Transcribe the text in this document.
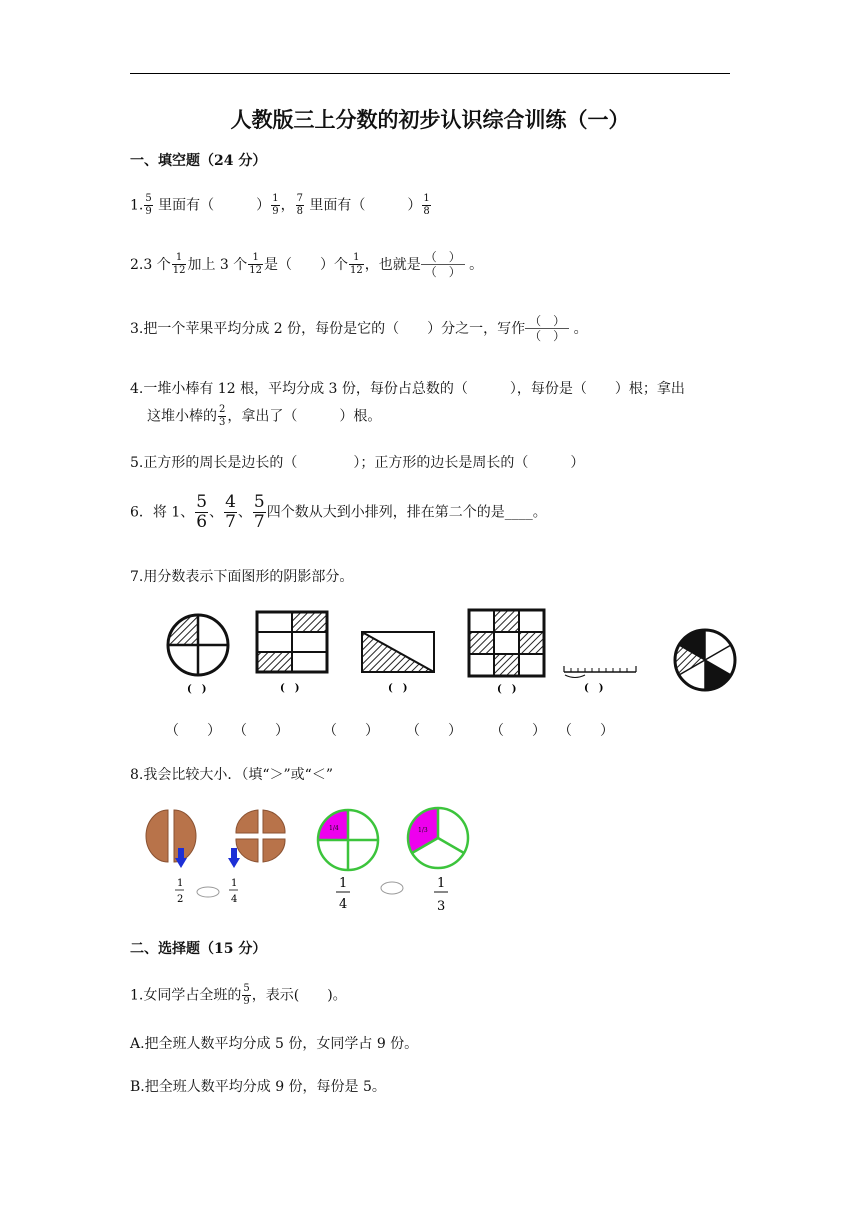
人教版三上分数的初步认识综合训练（一）
一、填空题（24 分）
1. $\frac{5}{9}$ 里面有（　　　） $\frac{1}{9}$ ， $\frac{7}{8}$ 里面有（　　　） $\frac{1}{8}$
2.3 个 $\frac{1}{12}$ 加上 3 个 $\frac{1}{12}$ 是（　　）个 $\frac{1}{12}$ ，也就是 （　）
（　） 。
3.把一个苹果平均分成 2 份，每份是它的（　　）分之一，写作 （　）
（　） 。
4.一堆小棒有 12 根，平均分成 3 份，每份占总数的（　　　），每份是（　　）根；拿出
这堆小棒的 $\frac{2}{3}$ ，拿出了（　　　）根。
5.正方形的周长是边长的（　　　　）；正方形的边长是周长的（　　　）
6．将 1、 $\frac{5}{6}$ 、 $\frac{4}{7}$ 、 $\frac{5}{7}$ 四个数从大到小排列，排在第二个的是____。
7.用分数表示下面图形的阴影部分。
(　)	(　)	(　)	(　)	(　)
（　　） （　　） （　　） （　　） （　　） （　　）
8.我会比较大小．（填“＞”或“＜”
1
2
1
4
1/4
1
4
1/3
1
3
二、选择题（15 分）
1.女同学占全班的 $\frac{5}{9}$ ，表示(　　)。
A.把全班人数平均分成 5 份，女同学占 9 份。
B.把全班人数平均分成 9 份，每份是 5。
